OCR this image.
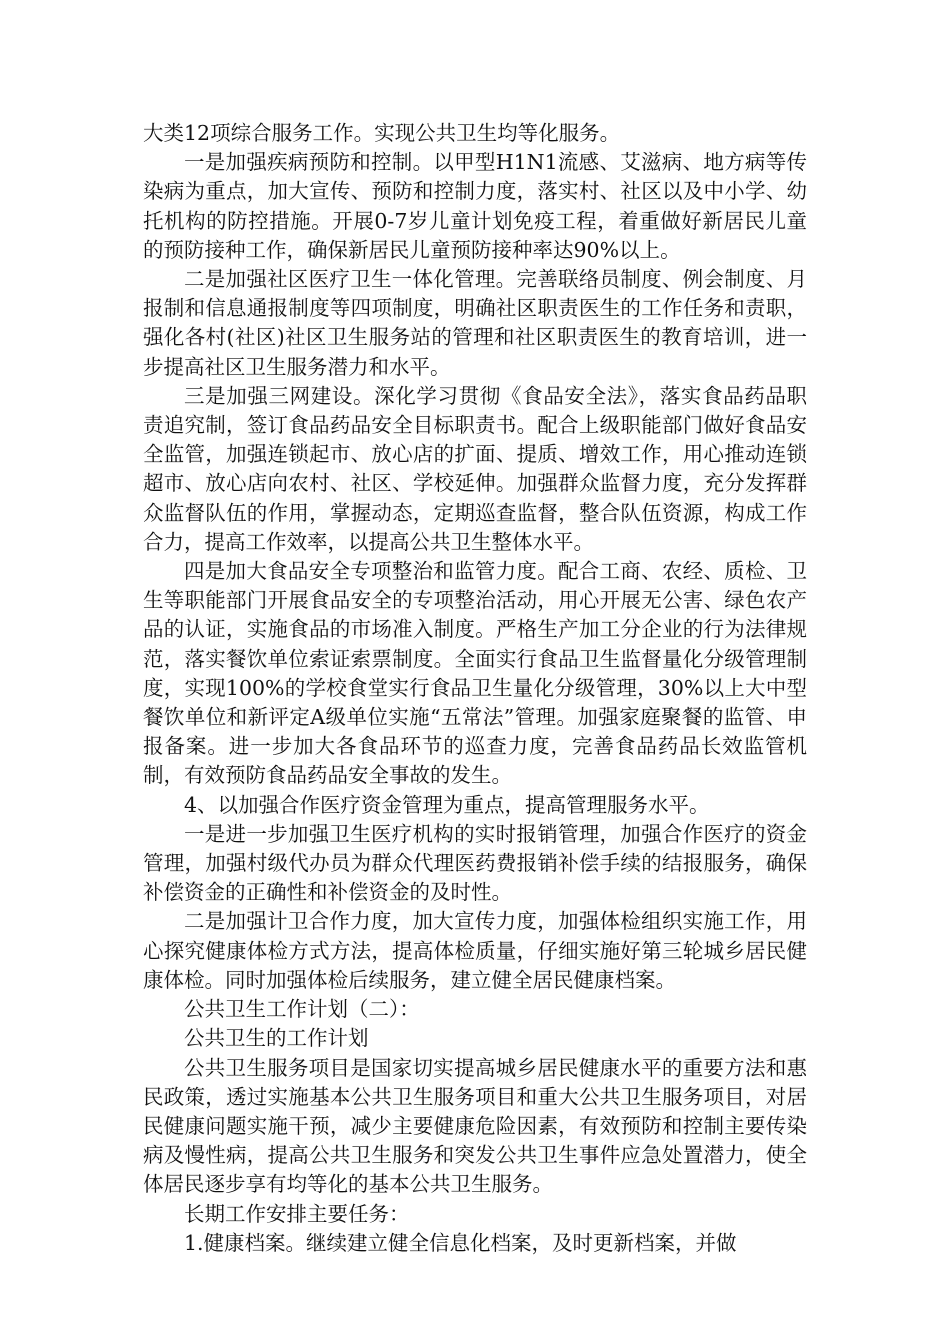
大类12项综合服务工作。实现公共卫生均等化服务。

一是加强疾病预防和控制。以甲型H1N1流感、艾滋病、地方病等传染病为重点，加大宣传、预防和控制力度，落实村、社区以及中小学、幼托机构的防控措施。开展0-7岁儿童计划免疫工程，着重做好新居民儿童的预防接种工作，确保新居民儿童预防接种率达90%以上。

二是加强社区医疗卫生一体化管理。完善联络员制度、例会制度、月报制和信息通报制度等四项制度，明确社区职责医生的工作任务和责职，强化各村(社区)社区卫生服务站的管理和社区职责医生的教育培训，进一步提高社区卫生服务潜力和水平。

三是加强三网建设。深化学习贯彻《食品安全法》，落实食品药品职责追究制，签订食品药品安全目标职责书。配合上级职能部门做好食品安全监管，加强连锁起市、放心店的扩面、提质、增效工作，用心推动连锁超市、放心店向农村、社区、学校延伸。加强群众监督力度，充分发挥群众监督队伍的作用，掌握动态，定期巡查监督，整合队伍资源，构成工作合力，提高工作效率，以提高公共卫生整体水平。

四是加大食品安全专项整治和监管力度。配合工商、农经、质检、卫生等职能部门开展食品安全的专项整治活动，用心开展无公害、绿色农产品的认证，实施食品的市场准入制度。严格生产加工分企业的行为法律规范，落实餐饮单位索证索票制度。全面实行食品卫生监督量化分级管理制度，实现100%的学校食堂实行食品卫生量化分级管理，30%以上大中型餐饮单位和新评定A级单位实施“五常法”管理。加强家庭聚餐的监管、申报备案。进一步加大各食品环节的巡查力度，完善食品药品长效监管机制，有效预防食品药品安全事故的发生。

4、以加强合作医疗资金管理为重点，提高管理服务水平。

一是进一步加强卫生医疗机构的实时报销管理，加强合作医疗的资金管理，加强村级代办员为群众代理医药费报销补偿手续的结报服务，确保补偿资金的正确性和补偿资金的及时性。

二是加强计卫合作力度，加大宣传力度，加强体检组织实施工作，用心探究健康体检方式方法，提高体检质量，仔细实施好第三轮城乡居民健康体检。同时加强体检后续服务，建立健全居民健康档案。

公共卫生工作计划（二）：

公共卫生的工作计划

公共卫生服务项目是国家切实提高城乡居民健康水平的重要方法和惠民政策，透过实施基本公共卫生服务项目和重大公共卫生服务项目，对居民健康问题实施干预，减少主要健康危险因素，有效预防和控制主要传染病及慢性病，提高公共卫生服务和突发公共卫生事件应急处置潜力，使全体居民逐步享有均等化的基本公共卫生服务。

长期工作安排主要任务：

1.健康档案。继续建立健全信息化档案，及时更新档案，并做
